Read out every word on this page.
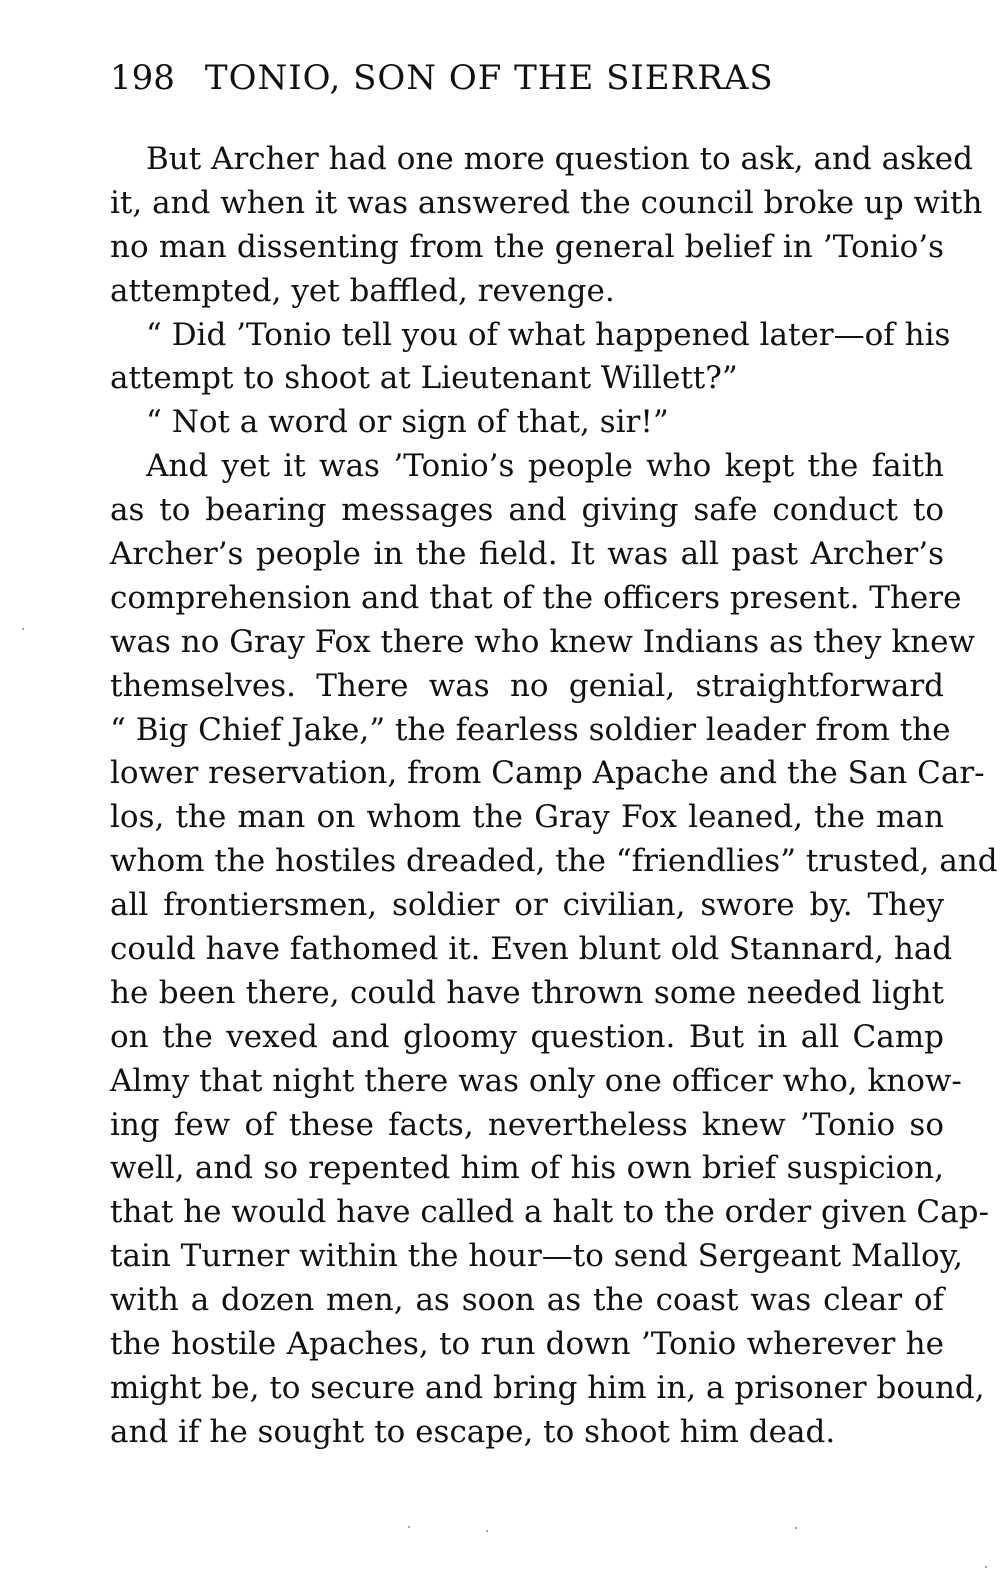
198 TONIO, SON OF THE SIERRAS
But Archer had one more question to ask, and asked
it, and when it was answered the council broke up with
no man dissenting from the general belief in ’Tonio’s
attempted, yet baffled, revenge.
“ Did ’Tonio tell you of what happened later—of his
attempt to shoot at Lieutenant Willett?”
“ Not a word or sign of that, sir!”
And yet it was ’Tonio’s people who kept the faith
as to bearing messages and giving safe conduct to
Archer’s people in the field. It was all past Archer’s
comprehension and that of the officers present. There
was no Gray Fox there who knew Indians as they knew
themselves. There was no genial, straightforward
“ Big Chief Jake,” the fearless soldier leader from the
lower reservation, from Camp Apache and the San Car-
los, the man on whom the Gray Fox leaned, the man
whom the hostiles dreaded, the “friendlies” trusted, and
all frontiersmen, soldier or civilian, swore by. They
could have fathomed it. Even blunt old Stannard, had
he been there, could have thrown some needed light
on the vexed and gloomy question. But in all Camp
Almy that night there was only one officer who, know-
ing few of these facts, nevertheless knew ’Tonio so
well, and so repented him of his own brief suspicion,
that he would have called a halt to the order given Cap-
tain Turner within the hour—to send Sergeant Malloy,
with a dozen men, as soon as the coast was clear of
the hostile Apaches, to run down ’Tonio wherever he
might be, to secure and bring him in, a prisoner bound,
and if he sought to escape, to shoot him dead.
